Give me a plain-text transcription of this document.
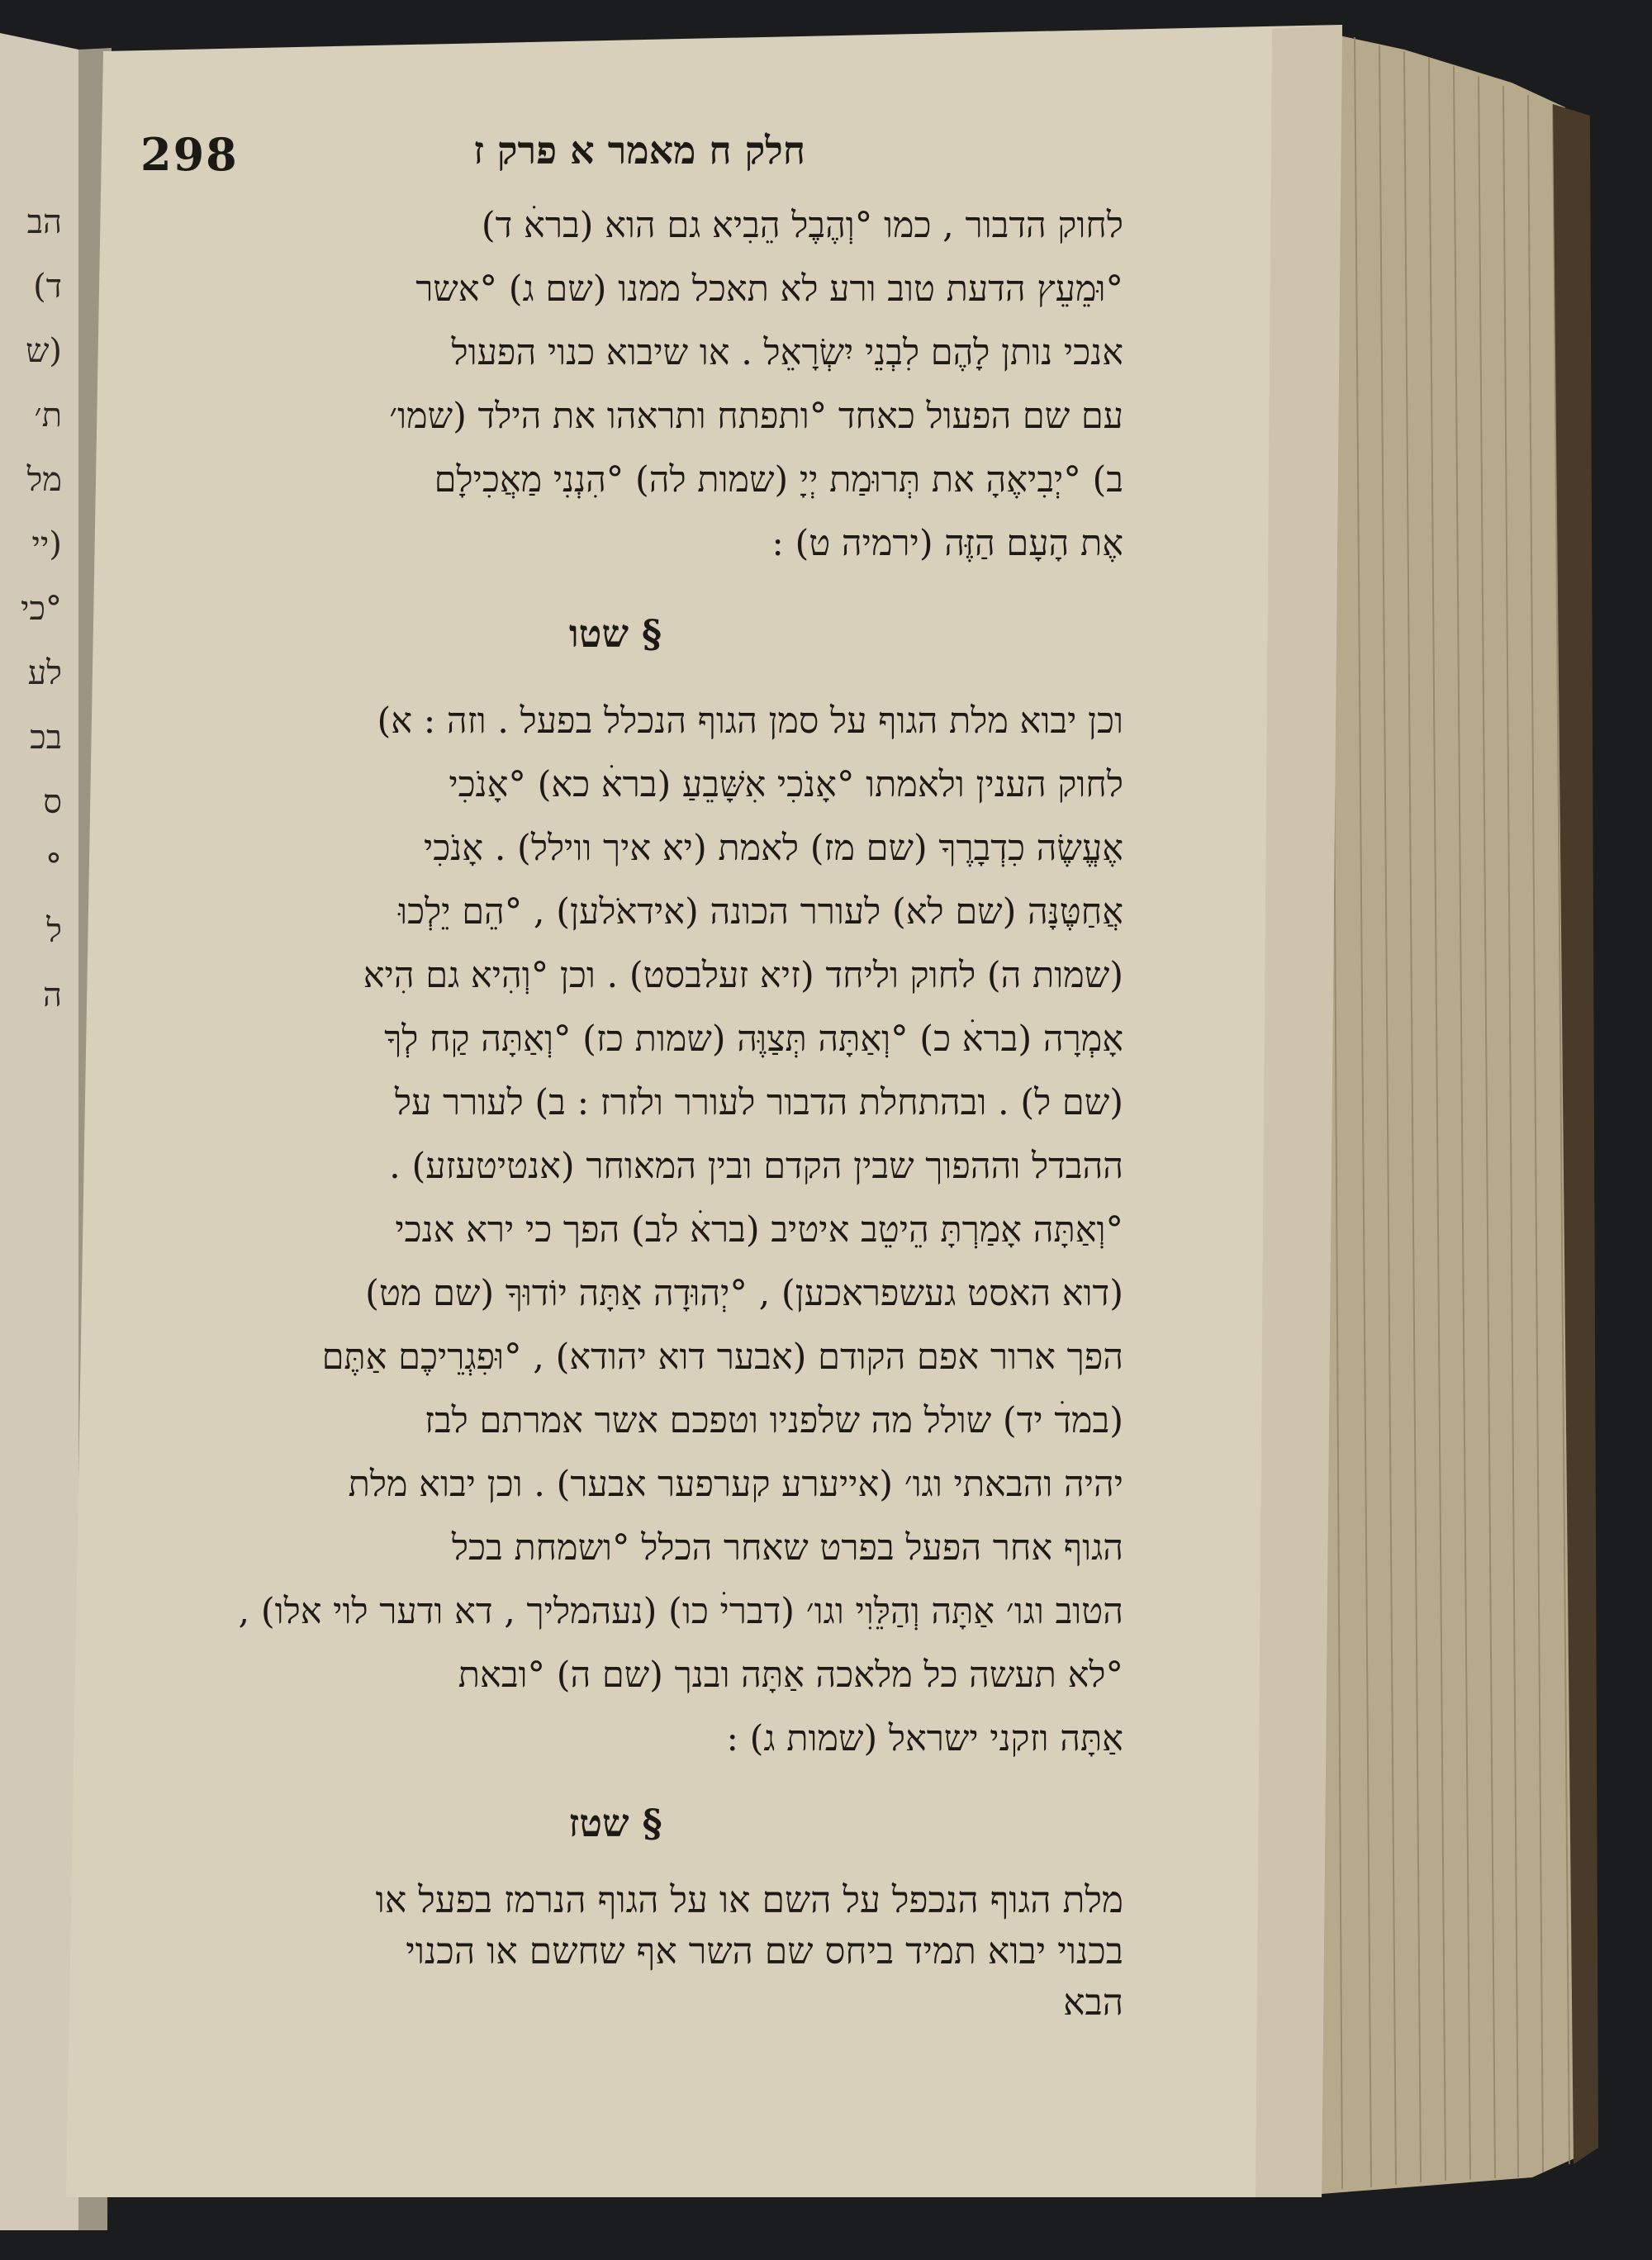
חלק ח מאמר א פרק ז
298

לחוק הדבור , כמו °וְהֶבֶל הֵבִיא גם הוא (בראׄ ד)
°וּמֵעֵץ הדעת טוב ורע לא תאכל ממנו (שם ג) °אשר
אנכי נותן לָהֶם לִבְנֵי יִשְׂרָאֵל . או שיבוא כנוי הפעול
עם שם הפעול כאחד °ותפתח ותראהו את הילד (שמו׳
ב) °יְבִיאֶהָ את תְּרוּמַת יְיָ (שמות לה) °הִנְנִי מַאֲכִילָם
אֶת הָעָם הַזֶּה (ירמיה ט) :

§ שטו

וכן יבוא מלת הגוף על סמן הגוף הנכלל בפעל . וזה : א)
לחוק הענין ולאמתו °אָנֹכִי אִשָּׁבֵעַ (בראׄ כא) °אָנֹכִי
אֶעֱשֶׂה כִדְבָרֶךָ (שם מז) לאמת (יא איך ווילל) . אָנֹכִי
אֲחַטֶּנָּה (שם לא) לעורר הכונה (אידאֹלען) , °הֵם יֵלְכוּ
(שמות ה) לחוק וליחד (זיא זעלבסט) . וכן °וְהִיא גם הִיא
אָמְרָה (בראׄ כ) °וְאַתָּה תְּצַוֶּה (שמות כז) °וְאַתָּה קַח לְךָ
(שם ל) . ובהתחלת הדבור לעורר ולזרז : ב) לעורר על
ההבדל וההפוך שבין הקדם ובין המאוחר (אנטיטעזע) .
°וְאַתָּה אָמַרְתָּ הֵיטֵב איטיב (בראׄ לב) הפך כי ירא אנכי
(דוא האסט געשפראכען) , °יְהוּדָה אַתָּה יוֹדוּךָ (שם מט)
הפך ארור אפם הקודם (אבער דוא יהודא) , °וּפִגְרֵיכֶם אַתֶּם
(במדׄ יד) שולל מה שלפניו וטפכם אשר אמרתם לבז
יהיה והבאתי וגו׳ (אייערע קערפער אבער) . וכן יבוא מלת
הגוף אחר הפעל בפרט שאחר הכלל °ושמחת בכל
הטוב וגו׳ אַתָּה וְהַלֵּוִי וגו׳ (דבריׄ כו) (נעהמליך , דא ודער לוי אלו) ,
°לא תעשה כל מלאכה אַתָּה ובנך (שם ה) °ובאת
אַתָּה וזקני ישראל (שמות ג) :

§ שטז

מלת הגוף הנכפל על השם או על הגוף הנרמז בפעל או
בכנוי יבוא תמיד ביחס שם השר אף שחשם או הכנוי
הבא

הב
ד)
(ש
ת׳
מל
(יי
°כי
לע
בכ
ס
°
ל
ה
